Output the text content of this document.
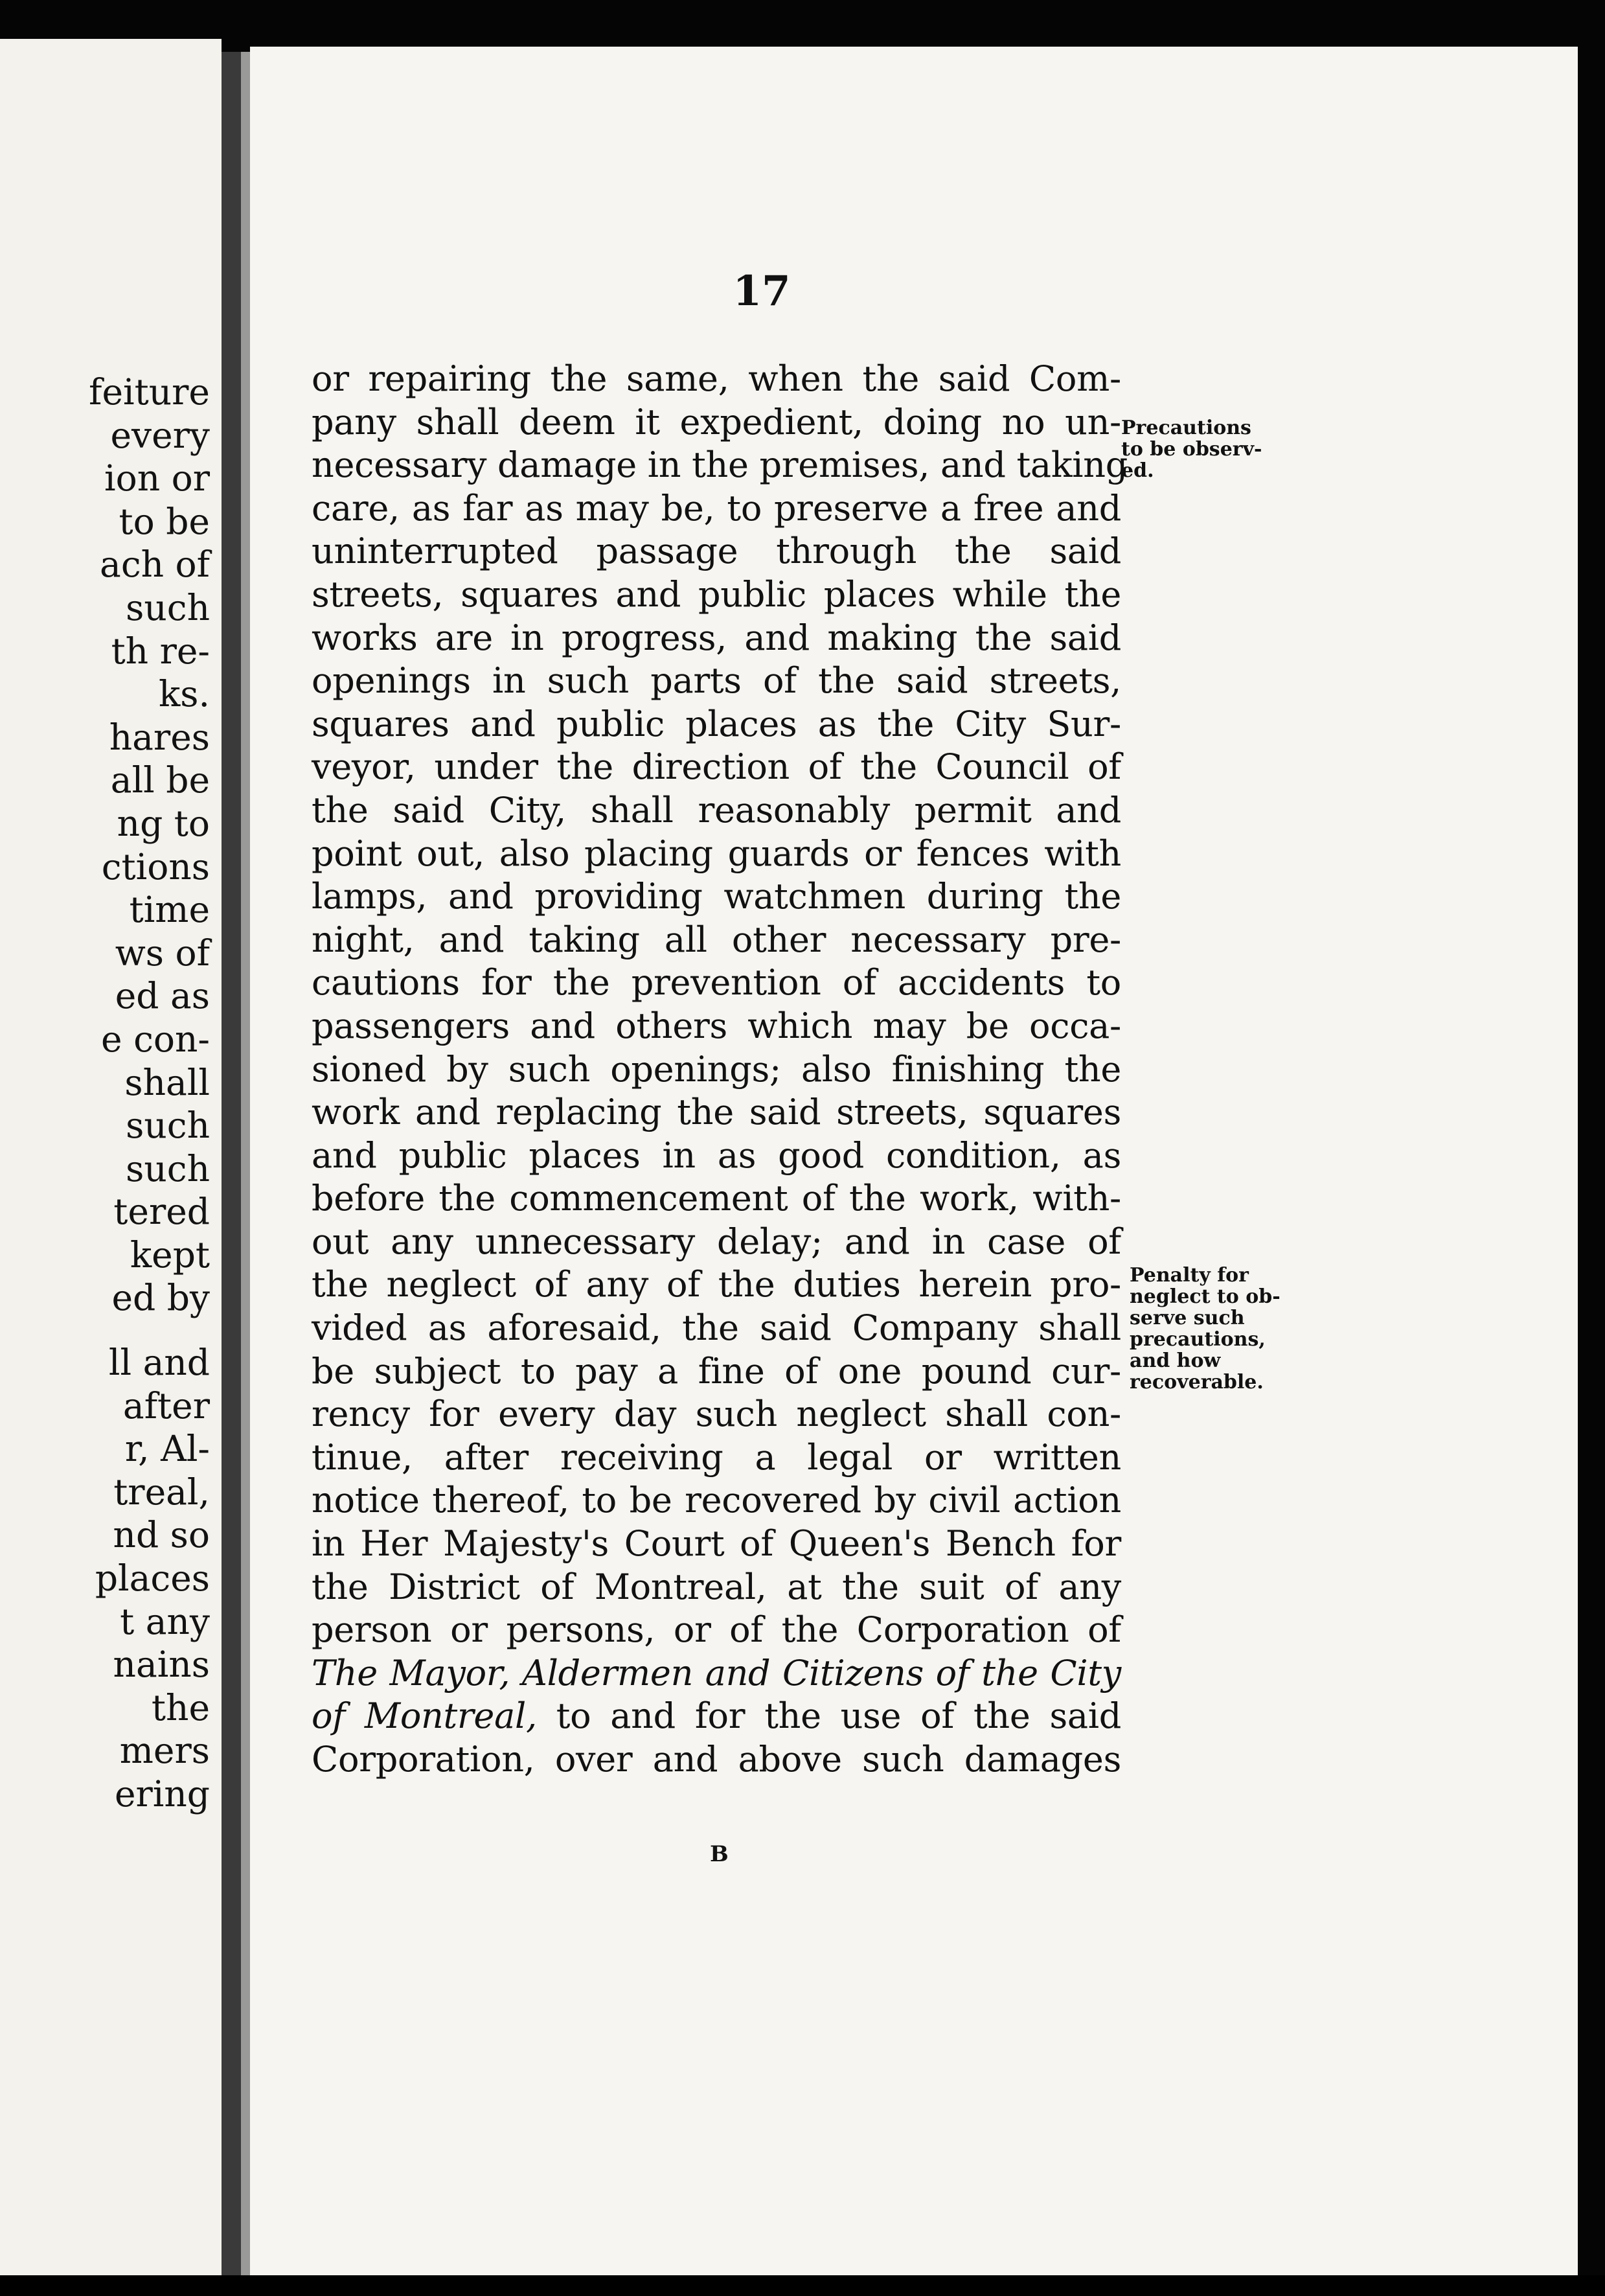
feiture
every
ion or
to be
ach of
such
th re-
ks.
hares
all be
ng to
ctions
time
ws of
ed as
e con-
shall
such
such
tered
kept
ed by
ll and
after
r, Al-
treal,
nd so
places
t any
nains
the
mers
ering
17
or repairing the same, when the said Com-
pany shall deem it expedient, doing no un-
necessary damage in the premises, and taking
care, as far as may be, to preserve a free and
uninterrupted passage through the said
streets, squares and public places while the
works are in progress, and making the said
openings in such parts of the said streets,
squares and public places as the City Sur-
veyor, under the direction of the Council of
the said City, shall reasonably permit and
point out, also placing guards or fences with
lamps, and providing watchmen during the
night, and taking all other necessary pre-
cautions for the prevention of accidents to
passengers and others which may be occa-
sioned by such openings; also finishing the
work and replacing the said streets, squares
and public places in as good condition, as
before the commencement of the work, with-
out any unnecessary delay; and in case of
the neglect of any of the duties herein pro-
vided as aforesaid, the said Company shall
be subject to pay a fine of one pound cur-
rency for every day such neglect shall con-
tinue, after receiving a legal or written
notice thereof, to be recovered by civil action
in Her Majesty's Court of Queen's Bench for
the District of Montreal, at the suit of any
person or persons, or of the Corporation of
The Mayor, Aldermen and Citizens of the City
of Montreal, to and for the use of the said
Corporation, over and above such damages
B
Precautions
to be observ-
ed.
Penalty for
neglect to ob-
serve such
precautions,
and how
recoverable.
